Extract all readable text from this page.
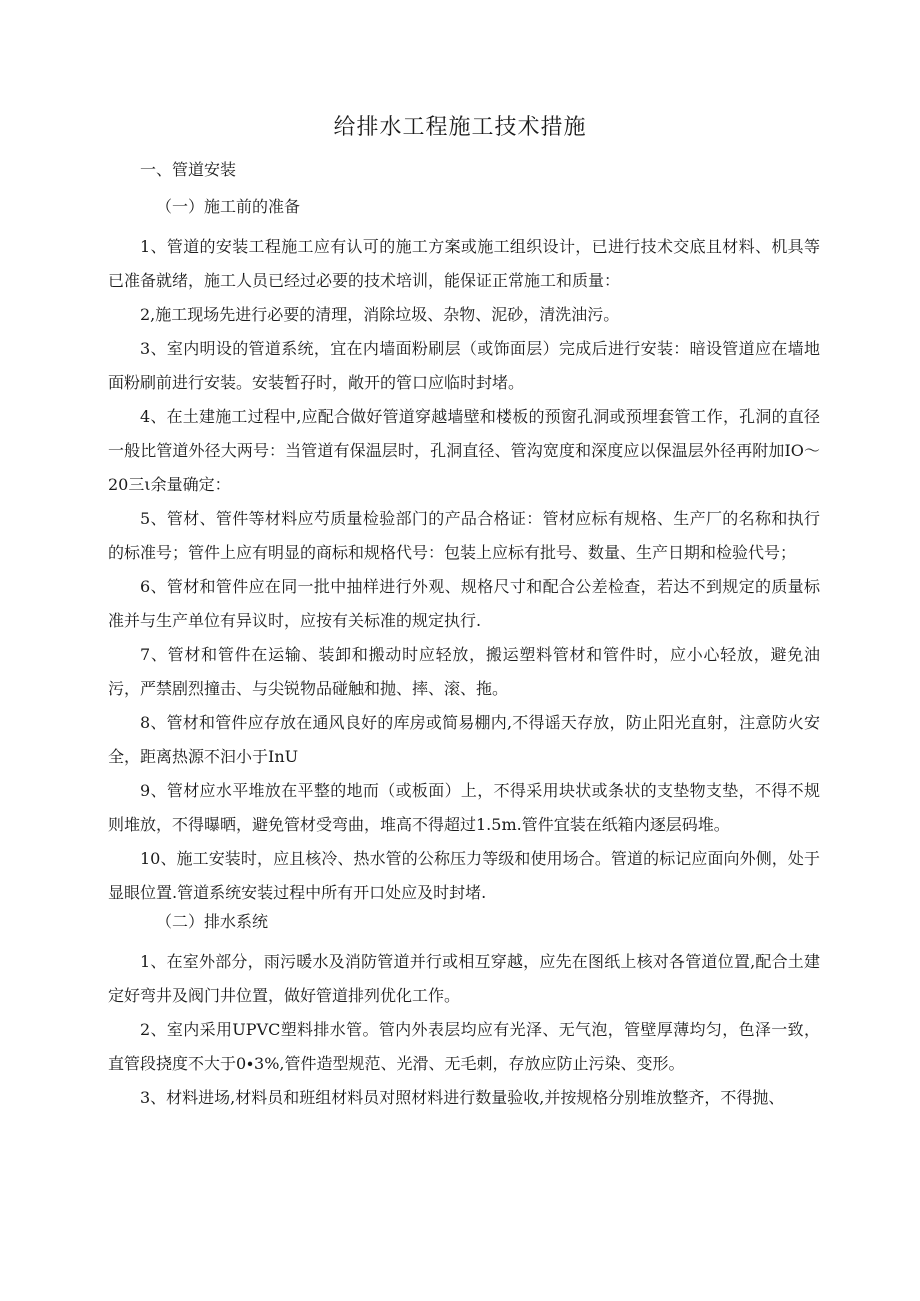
给排水工程施工技术措施

一、管道安装

（一）施工前的准备

1、管道的安装工程施工应有认可的施工方案或施工组织设计，已进行技术交底且材料、机具等已准备就绪，施工人员已经过必要的技术培训，能保证正常施工和质量：

2,施工现场先进行必要的清理，消除垃圾、杂物、泥砂，清洗油污。

3、室内明设的管道系统，宜在内墙面粉刷层（或饰面层）完成后进行安装：暗设管道应在墙地面粉刷前进行安装。安装暂孖时，敞开的管口应临时封堵。

4、在土建施工过程中,应配合做好管道穿越墙壁和楼板的预窗孔洞或预埋套管工作，孔洞的直径一般比管道外径大两号：当管道有保温层时，孔洞直径、管沟宽度和深度应以保温层外径再附加IO〜20三ι余量确定：

5、管材、管件等材料应芍质量检验部门的产品合格证：管材应标有规格、生产厂的名称和执行的标准号；管件上应有明显的商标和规格代号：包装上应标有批号、数量、生产日期和检验代号；

6、管材和管件应在同一批中抽样进行外观、规格尺寸和配合公差检查，若达不到规定的质量标准并与生产单位有异议时，应按有关标准的规定执行.

7、管材和管件在运输、装卸和搬动时应轻放，搬运塑料管材和管件时，应小心轻放，避免油污，严禁剧烈撞击、与尖锐物品碰触和抛、摔、滚、拖。

8、管材和管件应存放在通风良好的库房或简易棚内,不得谣天存放，防止阳光直射，注意防火安全，距离热源不汩小于InU

9、管材应水平堆放在平整的地而（或板面）上，不得采用块状或条状的支垫物支垫，不得不规则堆放，不得曝晒，避免管材受弯曲，堆高不得超过1.5m.管件宜装在纸箱内逐层码堆。

10、施工安装时，应且核冷、热水管的公称压力等级和使用场合。管道的标记应面向外侧，处于显眼位置.管道系统安装过程中所有开口处应及时封堵.

（二）排水系统

1、在室外部分，雨污暖水及消防管道并行或相互穿越，应先在图纸上核对各管道位置,配合土建定好弯井及阀门井位置，做好管道排列优化工作。

2、室内采用UPVC塑料排水管。管内外表层均应有光泽、无气泡，管壁厚薄均匀，色泽一致，直管段挠度不大于0∙3%,管件造型规范、光滑、无毛刺，存放应防止污染、变形。

3、材料进场,材料员和班组材料员对照材料进行数量验收,并按规格分别堆放整齐，不得抛、
